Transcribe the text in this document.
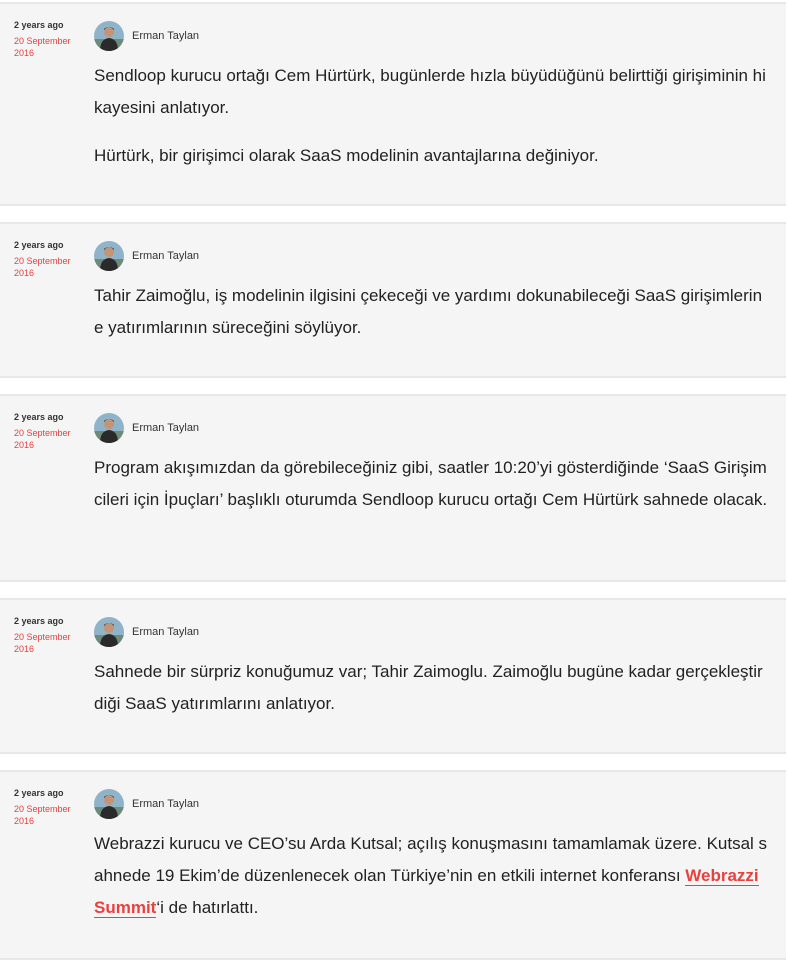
2 years ago
20 September
2016
Erman Taylan

Sendloop kurucu ortağı Cem Hürtürk, bugünlerde hızla büyüdüğünü belirttiği girişiminin hikayesini anlatıyor.

Hürtürk, bir girişimci olarak SaaS modelinin avantajlarına değiniyor.

2 years ago
20 September
2016
Erman Taylan

Tahir Zaimoğlu, iş modelinin ilgisini çekeceği ve yardımı dokunabileceği SaaS girişimlerine yatırımlarının süreceğini söylüyor.

2 years ago
20 September
2016
Erman Taylan

Program akışımızdan da görebileceğiniz gibi, saatler 10:20’yi gösterdiğinde ‘SaaS Girişimcileri için İpuçları’ başlıklı oturumda Sendloop kurucu ortağı Cem Hürtürk sahnede olacak.

2 years ago
20 September
2016
Erman Taylan

Sahnede bir sürpriz konuğumuz var; Tahir Zaimoglu. Zaimoğlu bugüne kadar gerçekleştirdiği SaaS yatırımlarını anlatıyor.

2 years ago
20 September
2016
Erman Taylan

Webrazzi kurucu ve CEO’su Arda Kutsal; açılış konuşmasını tamamlamak üzere. Kutsal sahnede 19 Ekim’de düzenlenecek olan Türkiye’nin en etkili internet konferansı Webrazzi Summit‘i de hatırlattı.
